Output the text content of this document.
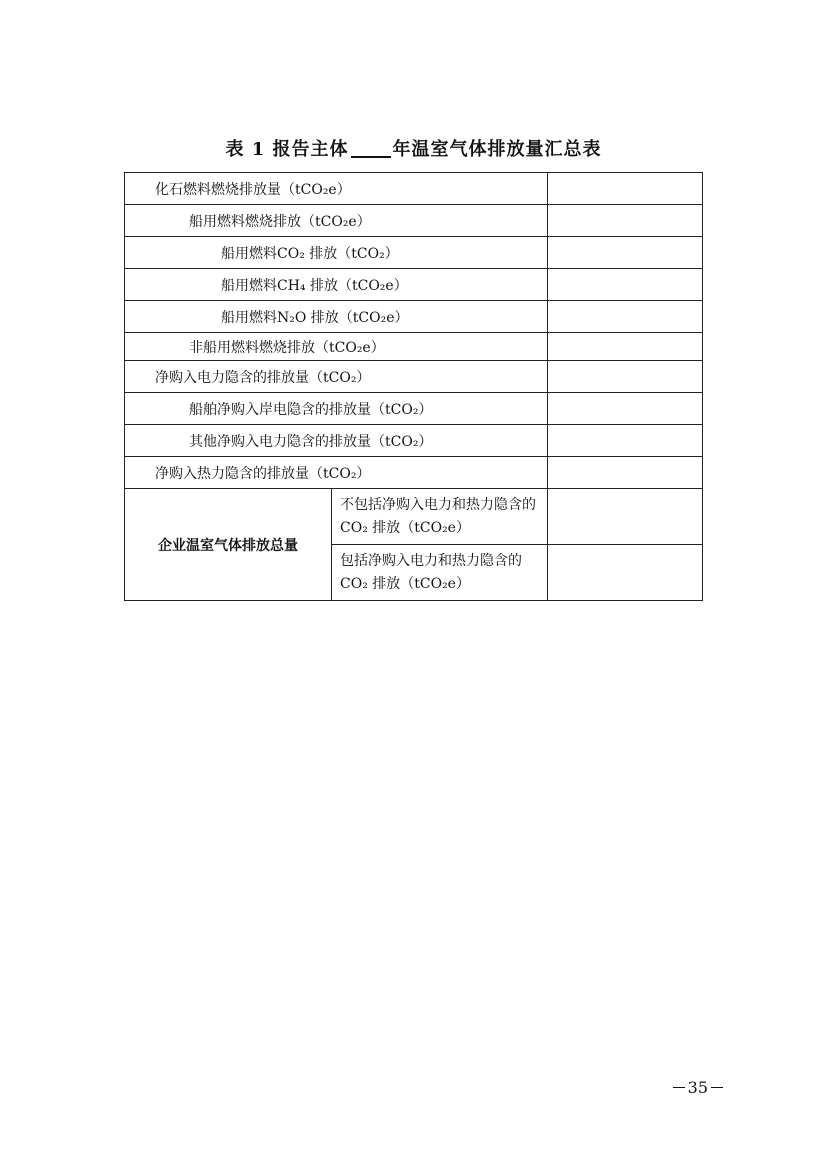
表 1 报告主体 年温室气体排放量汇总表
化石燃料燃烧排放量（tCO₂e）		
船用燃料燃烧排放（tCO₂e）		
船用燃料CO₂ 排放（tCO₂）		
船用燃料CH₄ 排放（tCO₂e）		
船用燃料N₂O 排放（tCO₂e）		
非船用燃料燃烧排放（tCO₂e）		
净购入电力隐含的排放量（tCO₂）		
船舶净购入岸电隐含的排放量（tCO₂）		
其他净购入电力隐含的排放量（tCO₂）		
净购入热力隐含的排放量（tCO₂）		
企业温室气体排放总量	不包括净购入电力和热力隐含的 CO₂ 排放（tCO₂e）	
	包括净购入电力和热力隐含的 CO₂ 排放（tCO₂e）	
35
